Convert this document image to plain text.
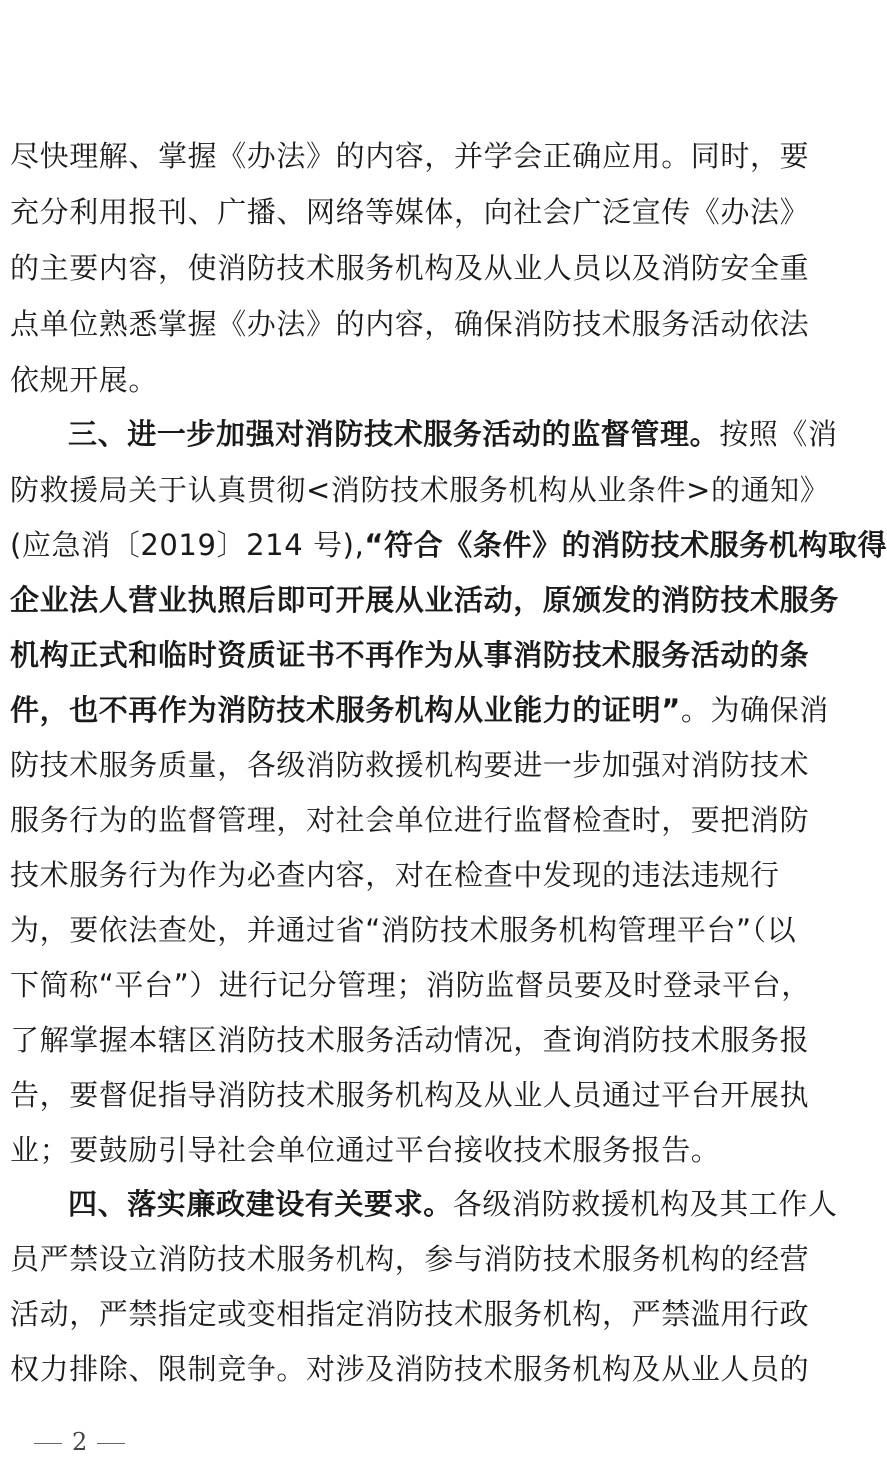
尽快理解、掌握《办法》的内容，并学会正确应用。同时，要
充分利用报刊、广播、网络等媒体，向社会广泛宣传《办法》
的主要内容，使消防技术服务机构及从业人员以及消防安全重
点单位熟悉掌握《办法》的内容，确保消防技术服务活动依法
依规开展。
三、进一步加强对消防技术服务活动的监督管理。按照《消
防救援局关于认真贯彻<消防技术服务机构从业条件>的通知》
(应急消〔2019〕214 号),“符合《条件》的消防技术服务机构取得
企业法人营业执照后即可开展从业活动，原颁发的消防技术服务
机构正式和临时资质证书不再作为从事消防技术服务活动的条
件，也不再作为消防技术服务机构从业能力的证明”。为确保消
防技术服务质量，各级消防救援机构要进一步加强对消防技术
服务行为的监督管理，对社会单位进行监督检查时，要把消防
技术服务行为作为必查内容，对在检查中发现的违法违规行
为，要依法查处，并通过省“消防技术服务机构管理平台”（以
下简称“平台”）进行记分管理；消防监督员要及时登录平台，
了解掌握本辖区消防技术服务活动情况，查询消防技术服务报
告，要督促指导消防技术服务机构及从业人员通过平台开展执
业；要鼓励引导社会单位通过平台接收技术服务报告。
四、落实廉政建设有关要求。各级消防救援机构及其工作人
员严禁设立消防技术服务机构，参与消防技术服务机构的经营
活动，严禁指定或变相指定消防技术服务机构，严禁滥用行政
权力排除、限制竞争。对涉及消防技术服务机构及从业人员的
2
